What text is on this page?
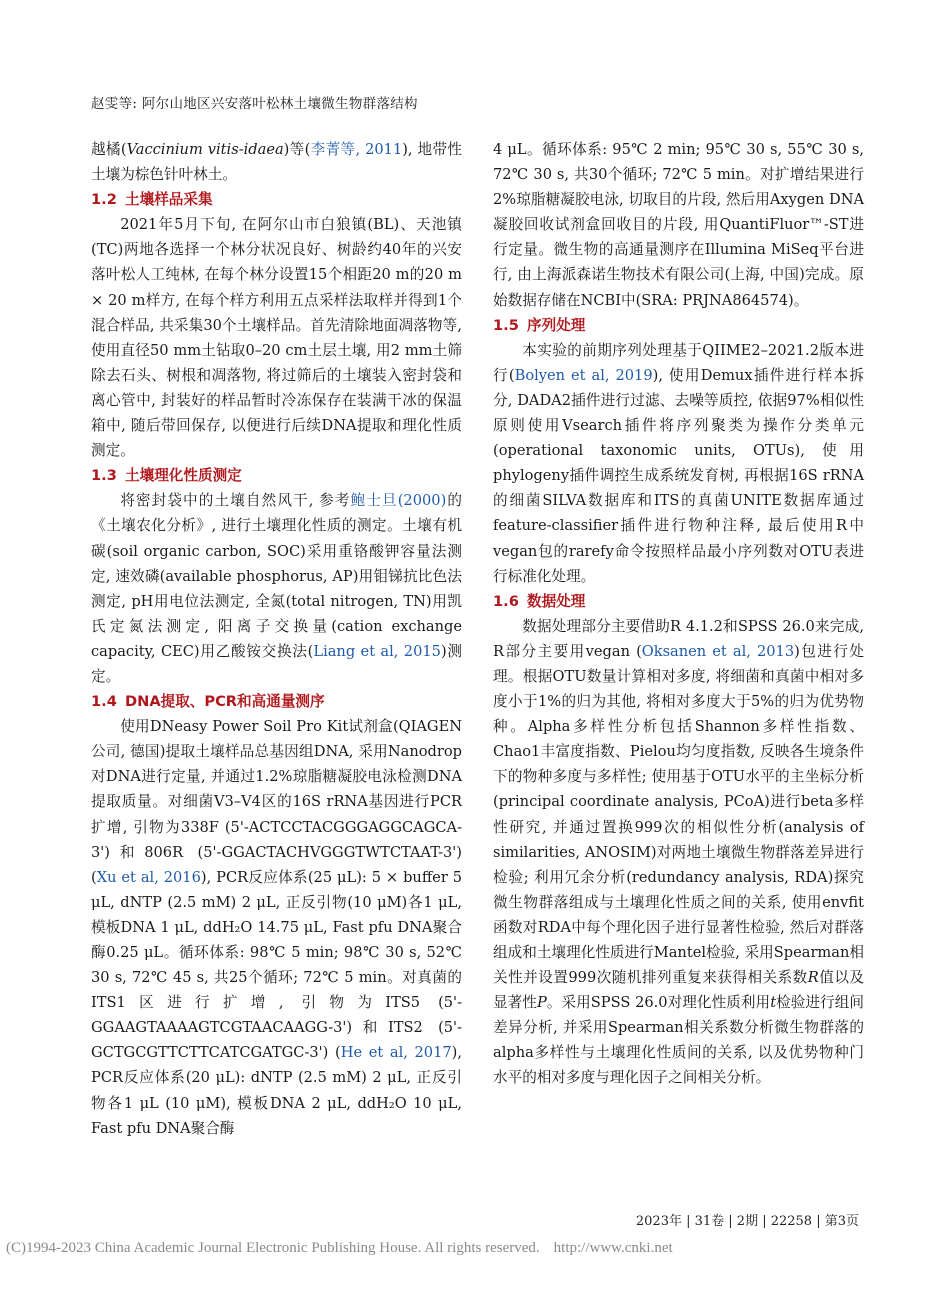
赵雯等: 阿尔山地区兴安落叶松林土壤微生物群落结构

越橘(Vaccinium vitis-idaea)等(李菁等, 2011), 地带性土壤为棕色针叶林土。

1.2 土壤样品采集

2021年5月下旬, 在阿尔山市白狼镇(BL)、天池镇(TC)两地各选择一个林分状况良好、树龄约40年的兴安落叶松人工纯林, 在每个林分设置15个相距20 m的20 m × 20 m样方, 在每个样方利用五点采样法取样并得到1个混合样品, 共采集30个土壤样品。首先清除地面凋落物等, 使用直径50 mm土钻取0–20 cm土层土壤, 用2 mm土筛除去石头、树根和凋落物, 将过筛后的土壤装入密封袋和离心管中, 封装好的样品暂时冷冻保存在装满干冰的保温箱中, 随后带回保存, 以便进行后续DNA提取和理化性质测定。

1.3 土壤理化性质测定

将密封袋中的土壤自然风干, 参考鲍士旦(2000)的《土壤农化分析》, 进行土壤理化性质的测定。土壤有机碳(soil organic carbon, SOC)采用重铬酸钾容量法测定, 速效磷(available phosphorus, AP)用钼锑抗比色法测定, pH用电位法测定, 全氮(total nitrogen, TN)用凯氏定氮法测定, 阳离子交换量(cation exchange capacity, CEC)用乙酸铵交换法(Liang et al, 2015)测定。

1.4 DNA提取、PCR和高通量测序

使用DNeasy Power Soil Pro Kit试剂盒(QIAGEN公司, 德国)提取土壤样品总基因组DNA, 采用Nanodrop对DNA进行定量, 并通过1.2%琼脂糖凝胶电泳检测DNA提取质量。对细菌V3–V4区的16S rRNA基因进行PCR扩增, 引物为338F (5'-ACTCCTACGGGAGGCAGCA-3')和806R (5'-GGACTACHVGGGTWTCTAAT-3') (Xu et al, 2016), PCR反应体系(25 μL): 5 × buffer 5 μL, dNTP (2.5 mM) 2 μL, 正反引物(10 μM)各1 μL, 模板DNA 1 μL, ddH₂O 14.75 μL, Fast pfu DNA聚合酶0.25 μL。循环体系: 98℃ 5 min; 98℃ 30 s, 52℃ 30 s, 72℃ 45 s, 共25个循环; 72℃ 5 min。对真菌的ITS1区进行扩增, 引物为ITS5 (5'-GGAAGTAAAAGTCGTAACAAGG-3')和ITS2 (5'-GCTGCGTTCTTCATCGATGC-3') (He et al, 2017), PCR反应体系(20 μL): dNTP (2.5 mM) 2 μL, 正反引物各1 μL (10 μM), 模板DNA 2 μL, ddH₂O 10 μL, Fast pfu DNA聚合酶

4 μL。循环体系: 95℃ 2 min; 95℃ 30 s, 55℃ 30 s, 72℃ 30 s, 共30个循环; 72℃ 5 min。对扩增结果进行2%琼脂糖凝胶电泳, 切取目的片段, 然后用Axygen DNA凝胶回收试剂盒回收目的片段, 用QuantiFluor™-ST进行定量。微生物的高通量测序在Illumina MiSeq平台进行, 由上海派森诺生物技术有限公司(上海, 中国)完成。原始数据存储在NCBI中(SRA: PRJNA864574)。

1.5 序列处理

本实验的前期序列处理基于QIIME2–2021.2版本进行(Bolyen et al, 2019), 使用Demux插件进行样本拆分, DADA2插件进行过滤、去噪等质控, 依据97%相似性原则使用Vsearch插件将序列聚类为操作分类单元(operational taxonomic units, OTUs), 使用phylogeny插件调控生成系统发育树, 再根据16S rRNA的细菌SILVA数据库和ITS的真菌UNITE数据库通过feature-classifier插件进行物种注释, 最后使用R中vegan包的rarefy命令按照样品最小序列数对OTU表进行标准化处理。

1.6 数据处理

数据处理部分主要借助R 4.1.2和SPSS 26.0来完成, R部分主要用vegan (Oksanen et al, 2013)包进行处理。根据OTU数量计算相对多度, 将细菌和真菌中相对多度小于1%的归为其他, 将相对多度大于5%的归为优势物种。Alpha多样性分析包括Shannon多样性指数、Chao1丰富度指数、Pielou均匀度指数, 反映各生境条件下的物种多度与多样性; 使用基于OTU水平的主坐标分析(principal coordinate analysis, PCoA)进行beta多样性研究, 并通过置换999次的相似性分析(analysis of similarities, ANOSIM)对两地土壤微生物群落差异进行检验; 利用冗余分析(redundancy analysis, RDA)探究微生物群落组成与土壤理化性质之间的关系, 使用envfit函数对RDA中每个理化因子进行显著性检验, 然后对群落组成和土壤理化性质进行Mantel检验, 采用Spearman相关性并设置999次随机排列重复来获得相关系数R值以及显著性P。采用SPSS 26.0对理化性质利用t检验进行组间差异分析, 并采用Spearman相关系数分析微生物群落的alpha多样性与土壤理化性质间的关系, 以及优势物种门水平的相对多度与理化因子之间相关分析。

2023年 | 31卷 | 2期 | 22258 | 第3页
(C)1994-2023 China Academic Journal Electronic Publishing House. All rights reserved. http://www.cnki.net
